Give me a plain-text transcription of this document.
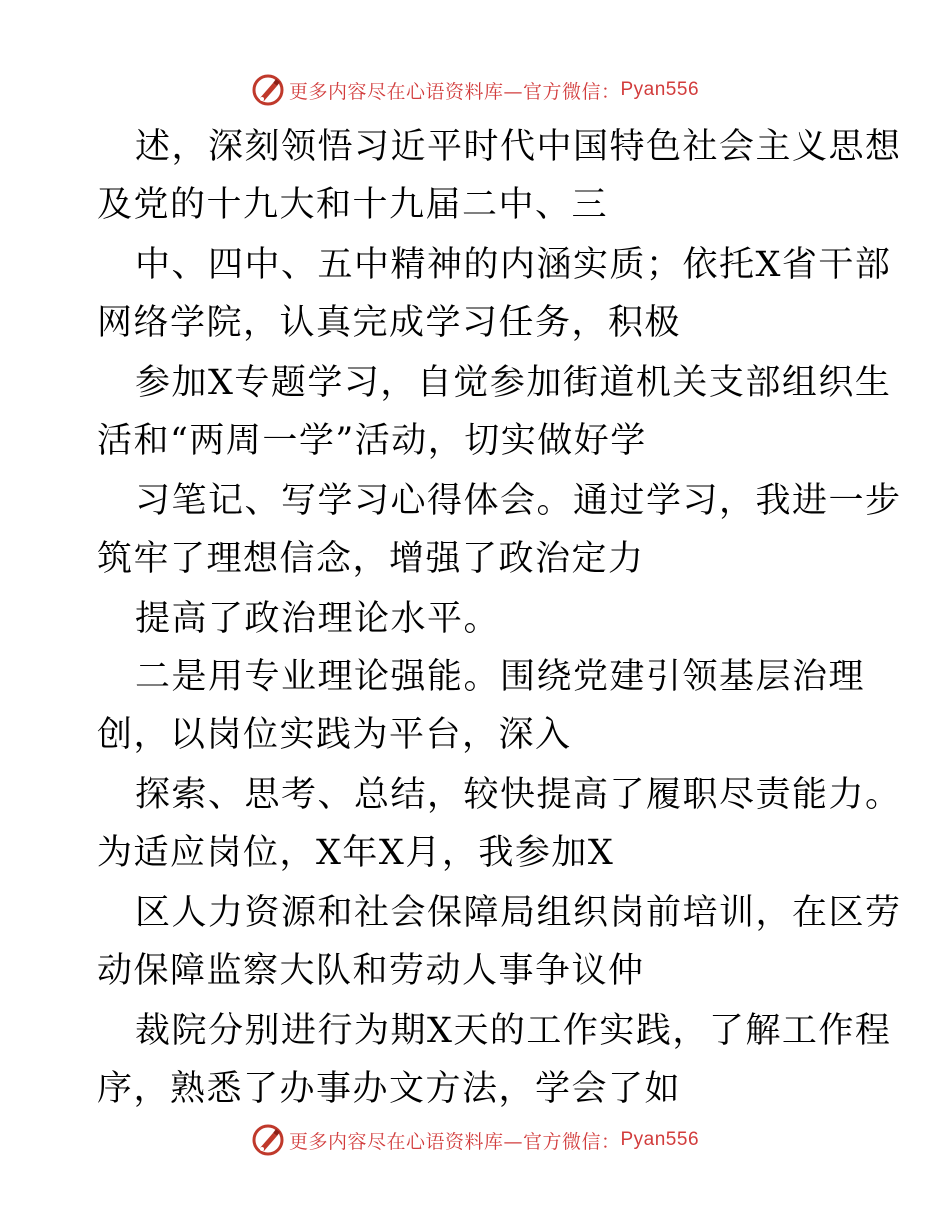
更多内容尽在心语资料库—官方微信： Pyan556
述，深刻领悟习近平时代中国特色社会主义思想
及党的十九大和十九届二中、三
中、四中、五中精神的内涵实质；依托X省干部
网络学院，认真完成学习任务，积极
参加X专题学习，自觉参加街道机关支部组织生
活和“两周一学”活动，切实做好学
习笔记、写学习心得体会。通过学习，我进一步
筑牢了理想信念，增强了政治定力
提高了政治理论水平。
二是用专业理论强能。围绕党建引领基层治理
创，以岗位实践为平台，深入
探索、思考、总结，较快提高了履职尽责能力。
为适应岗位，X年X月，我参加X
区人力资源和社会保障局组织岗前培训，在区劳
动保障监察大队和劳动人事争议仲
裁院分别进行为期X天的工作实践，了解工作程
序，熟悉了办事办文方法，学会了如
更多内容尽在心语资料库—官方微信： Pyan556
